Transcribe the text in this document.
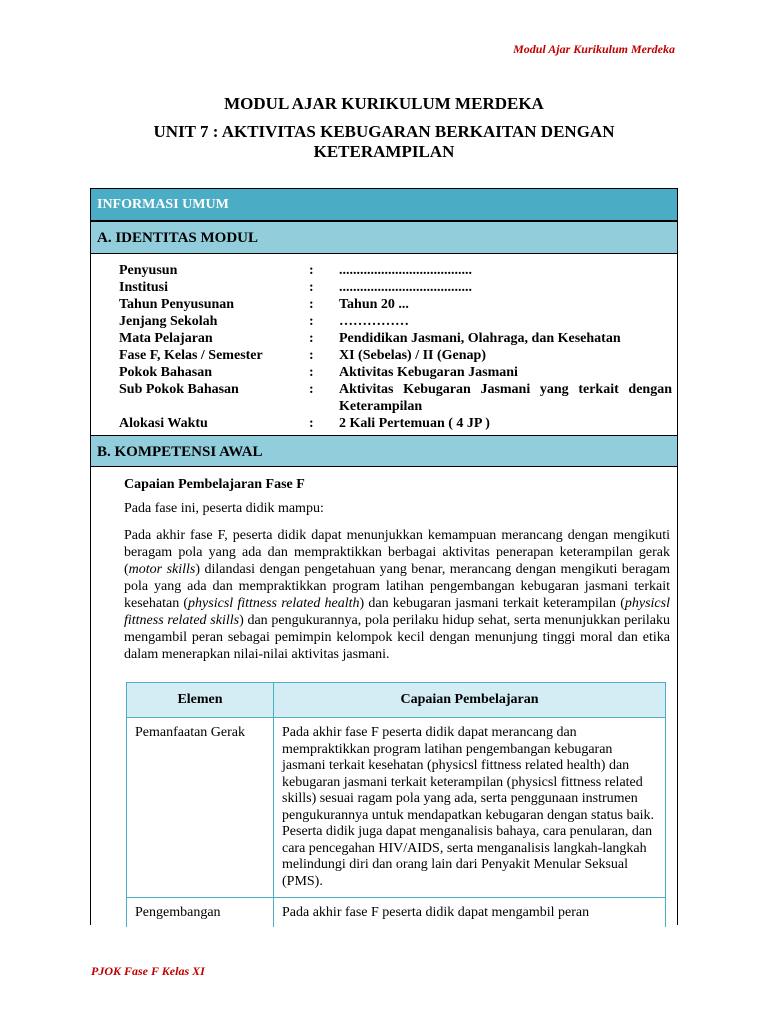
Modul Ajar Kurikulum Merdeka
MODUL AJAR KURIKULUM MERDEKA
UNIT 7 : AKTIVITAS KEBUGARAN BERKAITAN DENGAN
KETERAMPILAN
INFORMASI UMUM
A. IDENTITAS MODUL
Penyusun	:	......................................
Institusi	:	......................................
Tahun Penyusunan	:	Tahun 20 ...
Jenjang Sekolah	:	……………
Mata Pelajaran	:	Pendidikan Jasmani, Olahraga, dan Kesehatan
Fase F, Kelas / Semester	:	XI (Sebelas) / II (Genap)
Pokok Bahasan	:	Aktivitas Kebugaran Jasmani
Sub Pokok Bahasan	:	Aktivitas Kebugaran Jasmani yang terkait dengan Keterampilan
Alokasi Waktu	:	2 Kali Pertemuan ( 4 JP )
B. KOMPETENSI AWAL
Capaian Pembelajaran Fase F

Pada fase ini, peserta didik mampu:

Pada akhir fase F, peserta didik dapat menunjukkan kemampuan merancang dengan mengikuti beragam pola yang ada dan mempraktikkan berbagai aktivitas penerapan keterampilan gerak (motor skills) dilandasi dengan pengetahuan yang benar, merancang dengan mengikuti beragam pola yang ada dan mempraktikkan program latihan pengembangan kebugaran jasmani terkait kesehatan (physicsl fittness related health) dan kebugaran jasmani terkait keterampilan (physicsl fittness related skills) dan pengukurannya, pola perilaku hidup sehat, serta menunjukkan perilaku mengambil peran sebagai pemimpin kelompok kecil dengan menunjung tinggi moral dan etika dalam menerapkan nilai-nilai aktivitas jasmani.

Elemen	Capaian Pembelajaran
Pemanfaatan Gerak	Pada akhir fase F peserta didik dapat merancang dan mempraktikkan program latihan pengembangan kebugaran jasmani terkait kesehatan (physicsl fittness related health) dan kebugaran jasmani terkait keterampilan (physicsl fittness related skills) sesuai ragam pola yang ada, serta penggunaan instrumen pengukurannya untuk mendapatkan kebugaran dengan status baik. Peserta didik juga dapat menganalisis bahaya, cara penularan, dan cara pencegahan HIV/AIDS, serta menganalisis langkah-langkah melindungi diri dan orang lain dari Penyakit Menular Seksual (PMS).
Pengembangan	Pada akhir fase F peserta didik dapat mengambil peran
PJOK Fase F Kelas XI
